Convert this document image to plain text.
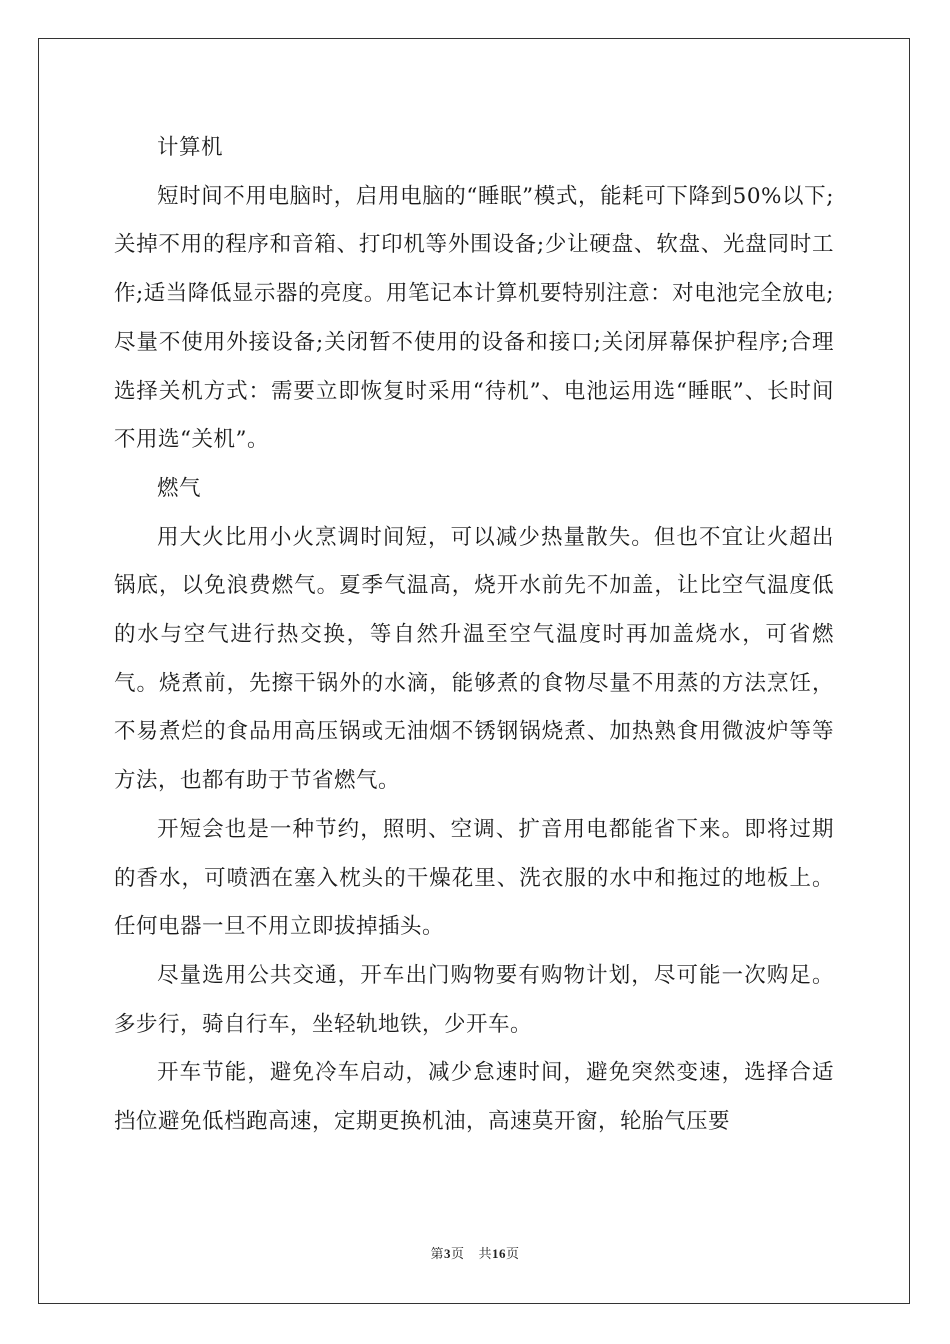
计算机

短时间不用电脑时，启用电脑的“睡眠”模式，能耗可下降到50%以下;关掉不用的程序和音箱、打印机等外围设备;少让硬盘、软盘、光盘同时工作;适当降低显示器的亮度。用笔记本计算机要特别注意：对电池完全放电;尽量不使用外接设备;关闭暂不使用的设备和接口;关闭屏幕保护程序;合理选择关机方式：需要立即恢复时采用“待机”、电池运用选“睡眠”、长时间不用选“关机”。

燃气

用大火比用小火烹调时间短，可以减少热量散失。但也不宜让火超出锅底，以免浪费燃气。夏季气温高，烧开水前先不加盖，让比空气温度低的水与空气进行热交换，等自然升温至空气温度时再加盖烧水，可省燃气。烧煮前，先擦干锅外的水滴，能够煮的食物尽量不用蒸的方法烹饪，不易煮烂的食品用高压锅或无油烟不锈钢锅烧煮、加热熟食用微波炉等等方法，也都有助于节省燃气。

开短会也是一种节约，照明、空调、扩音用电都能省下来。即将过期的香水，可喷洒在塞入枕头的干燥花里、洗衣服的水中和拖过的地板上。任何电器一旦不用立即拔掉插头。

尽量选用公共交通，开车出门购物要有购物计划，尽可能一次购足。多步行，骑自行车，坐轻轨地铁，少开车。

开车节能，避免冷车启动，减少怠速时间，避免突然变速，选择合适挡位避免低档跑高速，定期更换机油，高速莫开窗，轮胎气压要

第3页 共16页
